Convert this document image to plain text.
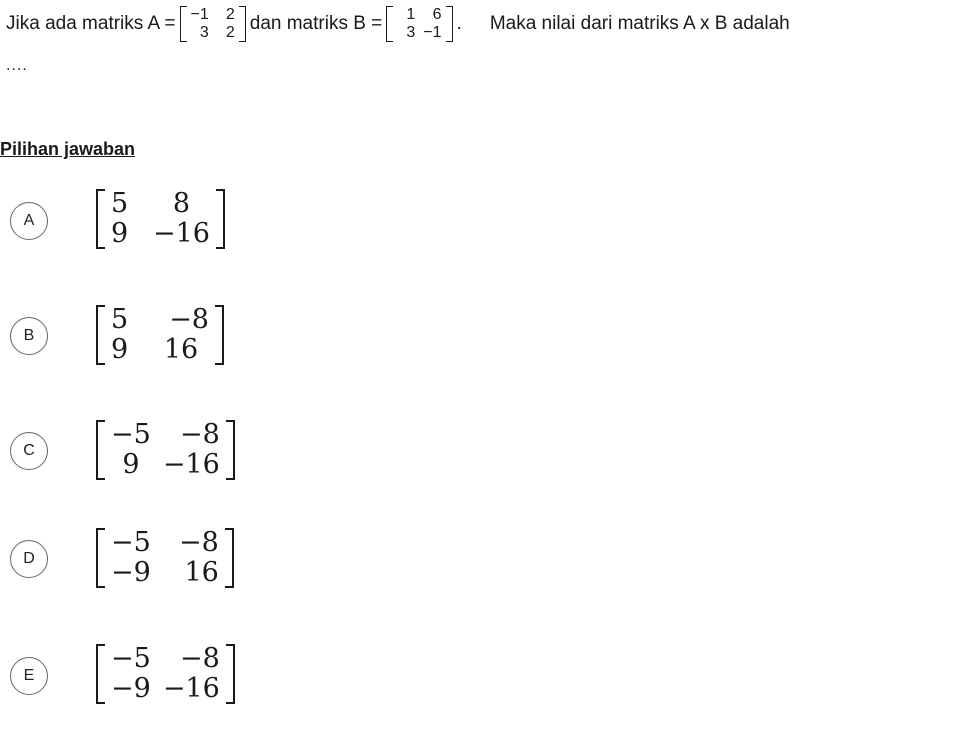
Jika ada matriks A = −1	2
3	2 dan matriks B = 1	6
3	−1 . Maka nilai dari matriks A x B adalah
....
Pilihan jawaban
A
5	8
9	−16
B
5	−8
9	16
C
−5	−8
9	−16
D
−5	−8
−9	16
E
−5	−8
−9	−16
